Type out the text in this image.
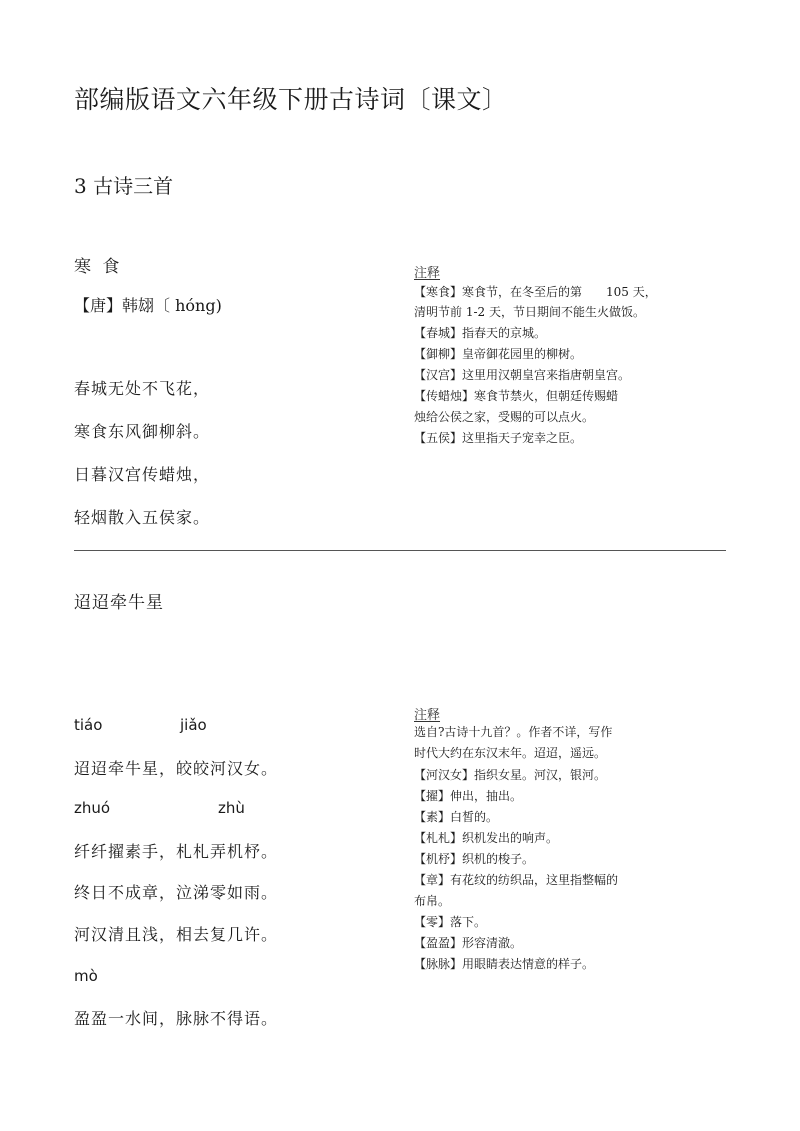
部编版语文六年级下册古诗词〔课文〕
3 古诗三首
寒 食
【唐】韩翃〔 hóng)
春城无处不飞花，
寒食东风御柳斜。
日暮汉宫传蜡烛，
轻烟散入五侯家。
注释
【寒食】寒食节，在冬至后的第　　105 天，
清明节前 1-2 天，节日期间不能生火做饭。
【春城】指春天的京城。
【御柳】皇帝御花园里的柳树。
【汉宫】这里用汉朝皇宫来指唐朝皇宫。
【传蜡烛】寒食节禁火，但朝廷传赐蜡
烛给公侯之家，受赐的可以点火。
【五侯】这里指天子宠幸之臣。
迢迢牵牛星
tiáo	jiǎo
迢迢牵牛星，皎皎河汉女。
zhuó	zhù
纤纤擢素手，札札弄机杼。
终日不成章，泣涕零如雨。
河汉清且浅，相去复几许。
mò
盈盈一水间，脉脉不得语。
注释
选自?古诗十九首？。作者不详，写作
时代大约在东汉末年。迢迢，遥远。
【河汉女】指织女星。河汉，银河。
【擢】伸出，抽出。
【素】白皙的。
【札札】织机发出的响声。
【机杼】织机的梭子。
【章】有花纹的纺织品，这里指整幅的
布帛。
【零】落下。
【盈盈】形容清澈。
【脉脉】用眼睛表达情意的样子。
